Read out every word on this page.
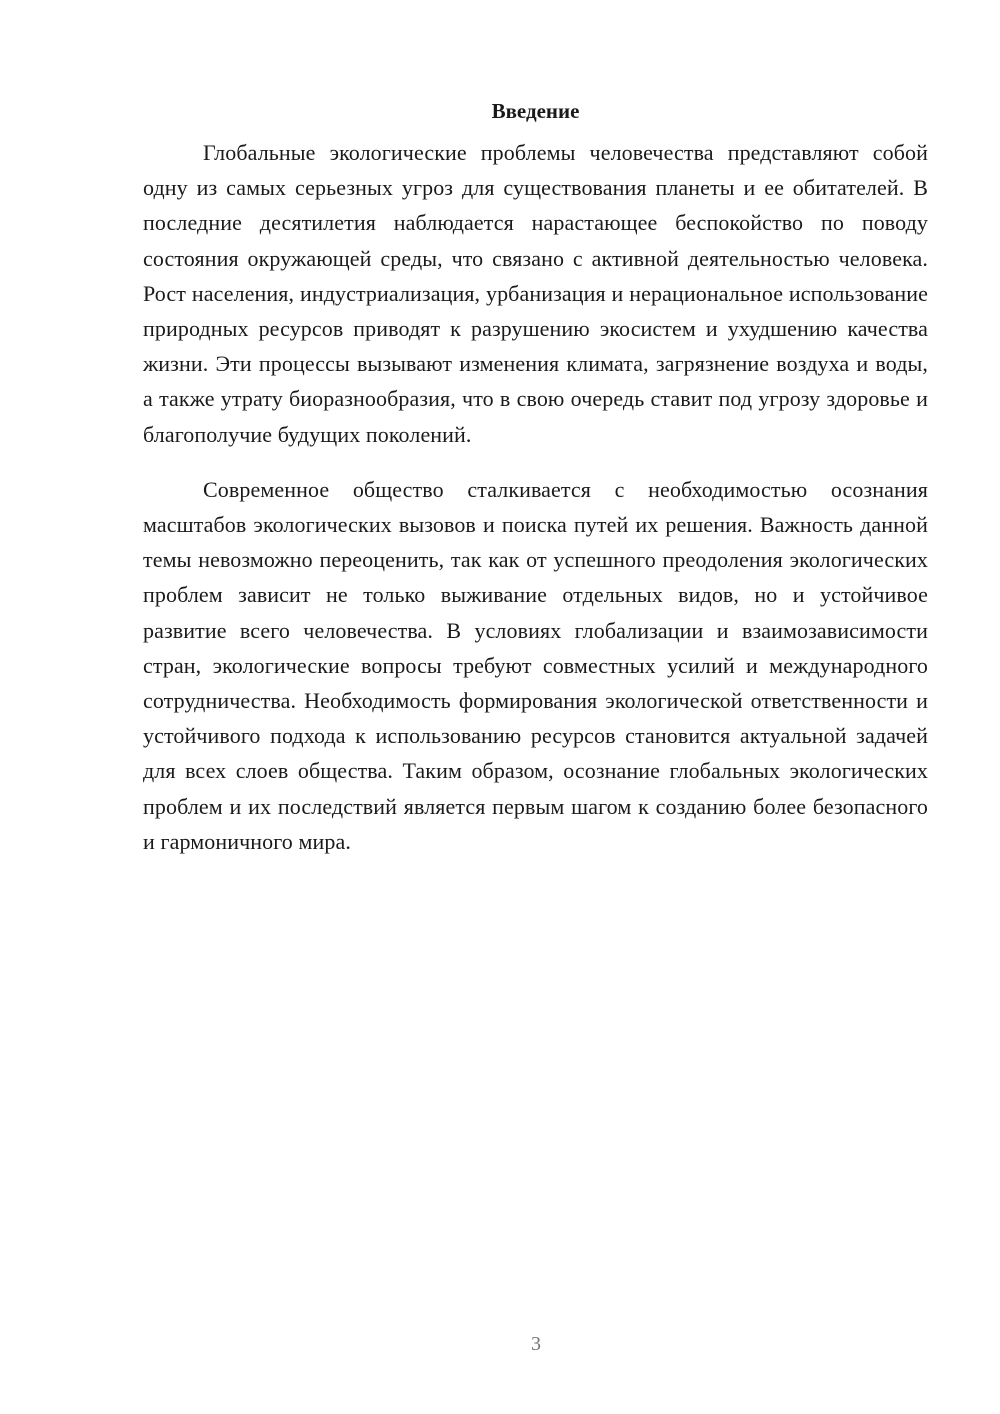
Введение

Глобальные экологические проблемы человечества представляют собой одну из самых серьезных угроз для существования планеты и ее обитателей. В последние десятилетия наблюдается нарастающее беспокойство по поводу состояния окружающей среды, что связано с активной деятельностью человека. Рост населения, индустриализация, урбанизация и нерациональное использование природных ресурсов приводят к разрушению экосистем и ухудшению качества жизни. Эти процессы вызывают изменения климата, загрязнение воздуха и воды, а также утрату биоразнообразия, что в свою очередь ставит под угрозу здоровье и благополучие будущих поколений.

Современное общество сталкивается с необходимостью осознания масштабов экологических вызовов и поиска путей их решения. Важность данной темы невозможно переоценить, так как от успешного преодоления экологических проблем зависит не только выживание отдельных видов, но и устойчивое развитие всего человечества. В условиях глобализации и взаимозависимости стран, экологические вопросы требуют совместных усилий и международного сотрудничества. Необходимость формирования экологической ответственности и устойчивого подхода к использованию ресурсов становится актуальной задачей для всех слоев общества. Таким образом, осознание глобальных экологических проблем и их последствий является первым шагом к созданию более безопасного и гармоничного мира.

3
